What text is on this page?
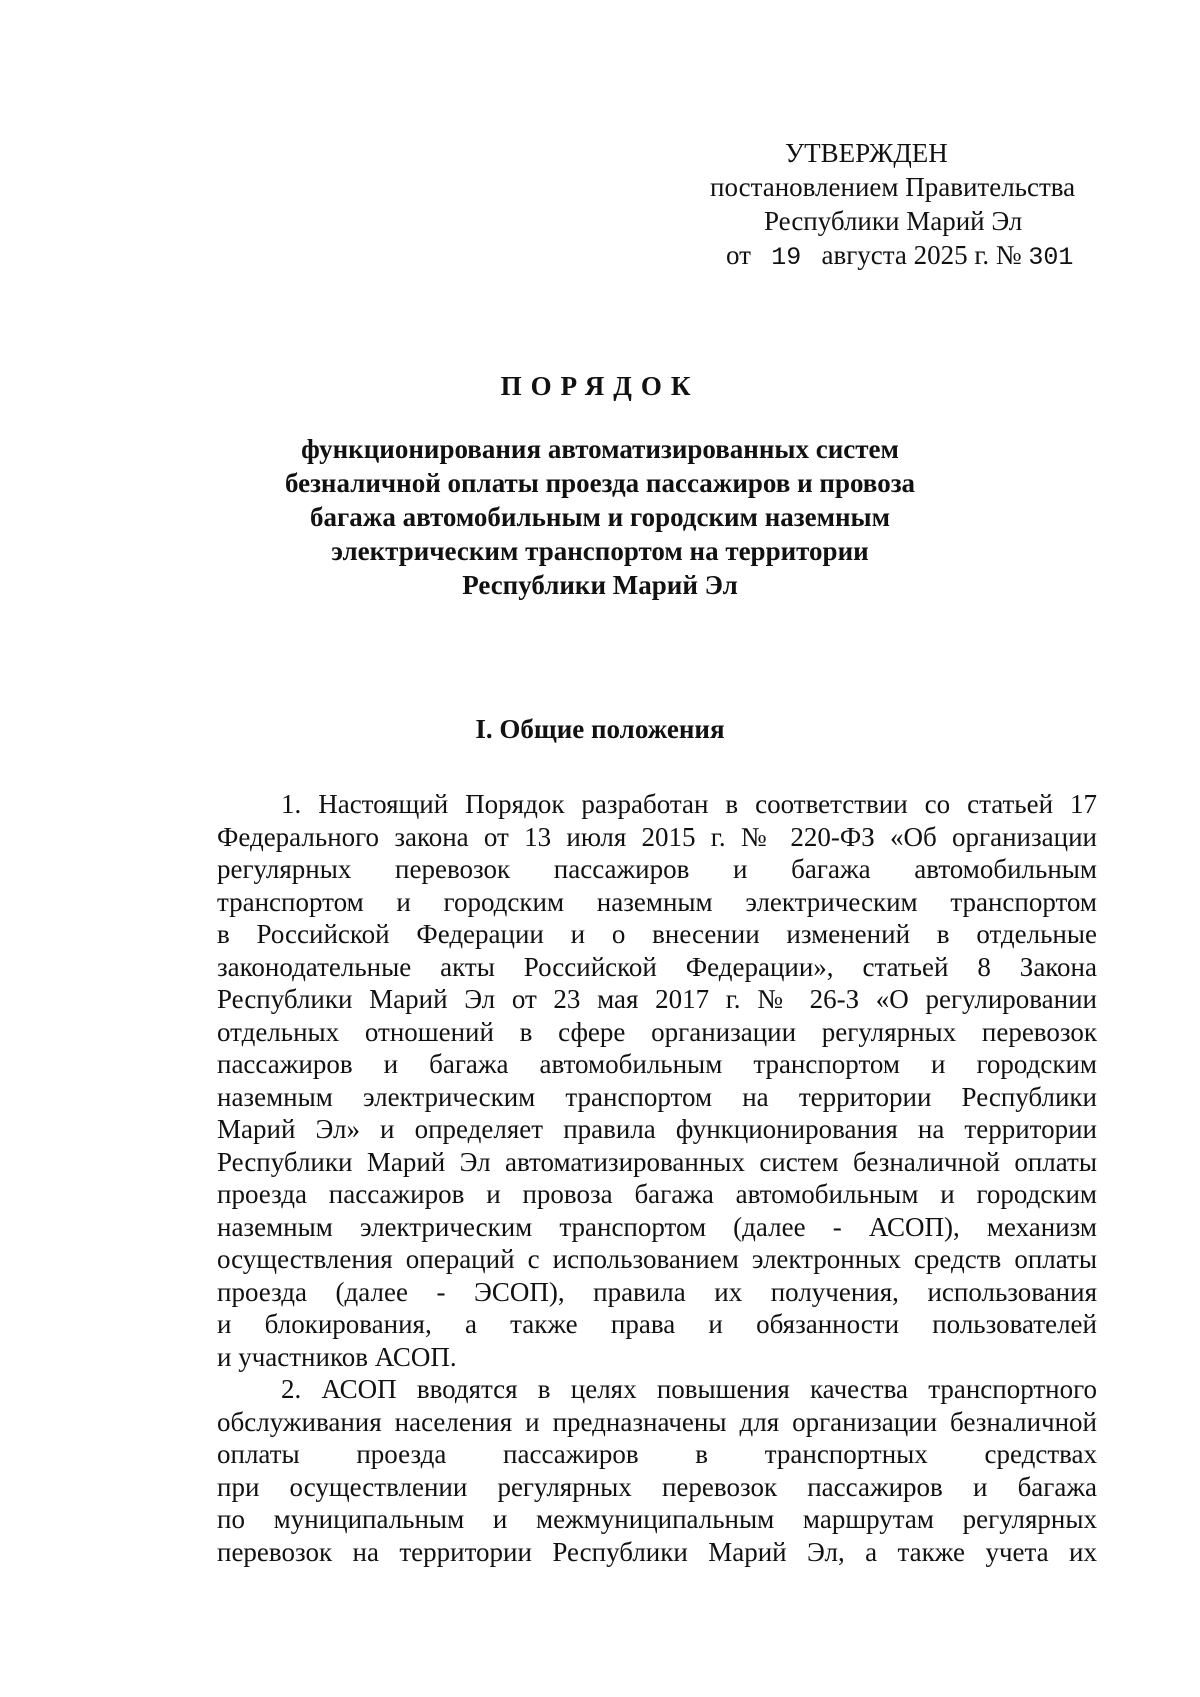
УТВЕРЖДЕН
постановлением Правительства
Республики Марий Эл
от 19 августа 2025 г. № 301
ПОРЯДОК
функционирования автоматизированных систем
безналичной оплаты проезда пассажиров и провоза
багажа автомобильным и городским наземным
электрическим транспортом на территории
Республики Марий Эл
I. Общие положения
1. Настоящий Порядок разработан в соответствии со статьей 17
Федерального закона от 13 июля 2015 г. № 220-ФЗ «Об организации
регулярных перевозок пассажиров и багажа автомобильным
транспортом и городским наземным электрическим транспортом
в Российской Федерации и о внесении изменений в отдельные
законодательные акты Российской Федерации», статьей 8 Закона
Республики Марий Эл от 23 мая 2017 г. № 26-З «О регулировании
отдельных отношений в сфере организации регулярных перевозок
пассажиров и багажа автомобильным транспортом и городским
наземным электрическим транспортом на территории Республики
Марий Эл» и определяет правила функционирования на территории
Республики Марий Эл автоматизированных систем безналичной оплаты
проезда пассажиров и провоза багажа автомобильным и городским
наземным электрическим транспортом (далее - АСОП), механизм
осуществления операций с использованием электронных средств оплаты
проезда (далее - ЭСОП), правила их получения, использования
и блокирования, а также права и обязанности пользователей
и участников АСОП.
2. АСОП вводятся в целях повышения качества транспортного
обслуживания населения и предназначены для организации безналичной
оплаты проезда пассажиров в транспортных средствах
при осуществлении регулярных перевозок пассажиров и багажа
по муниципальным и межмуниципальным маршрутам регулярных
перевозок на территории Республики Марий Эл, а также учета их
